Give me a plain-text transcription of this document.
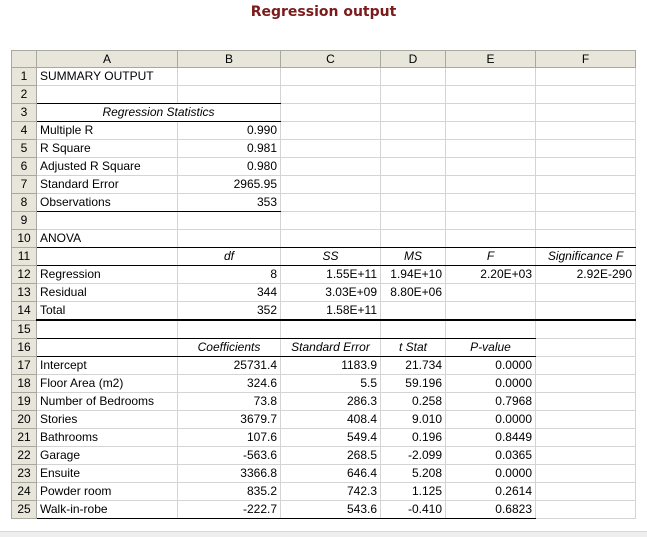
Regression output
	A	B	C	D	E	F
1	SUMMARY OUTPUT					
2						
3	Regression Statistics					
4	Multiple R	0.990				
5	R Square	0.981				
6	Adjusted R Square	0.980				
7	Standard Error	2965.95				
8	Observations	353				
9						
10	ANOVA					
11		df	SS	MS	F	Significance F
12	Regression	8	1.55E+11	1.94E+10	2.20E+03	2.92E-290
13	Residual	344	3.03E+09	8.80E+06		
14	Total	352	1.58E+11			
15						
16		Coefficients	Standard Error	t Stat	P-value	
17	Intercept	25731.4	1183.9	21.734	0.0000	
18	Floor Area (m2)	324.6	5.5	59.196	0.0000	
19	Number of Bedrooms	73.8	286.3	0.258	0.7968	
20	Stories	3679.7	408.4	9.010	0.0000	
21	Bathrooms	107.6	549.4	0.196	0.8449	
22	Garage	-563.6	268.5	-2.099	0.0365	
23	Ensuite	3366.8	646.4	5.208	0.0000	
24	Powder room	835.2	742.3	1.125	0.2614	
25	Walk-in-robe	-222.7	543.6	-0.410	0.6823	
